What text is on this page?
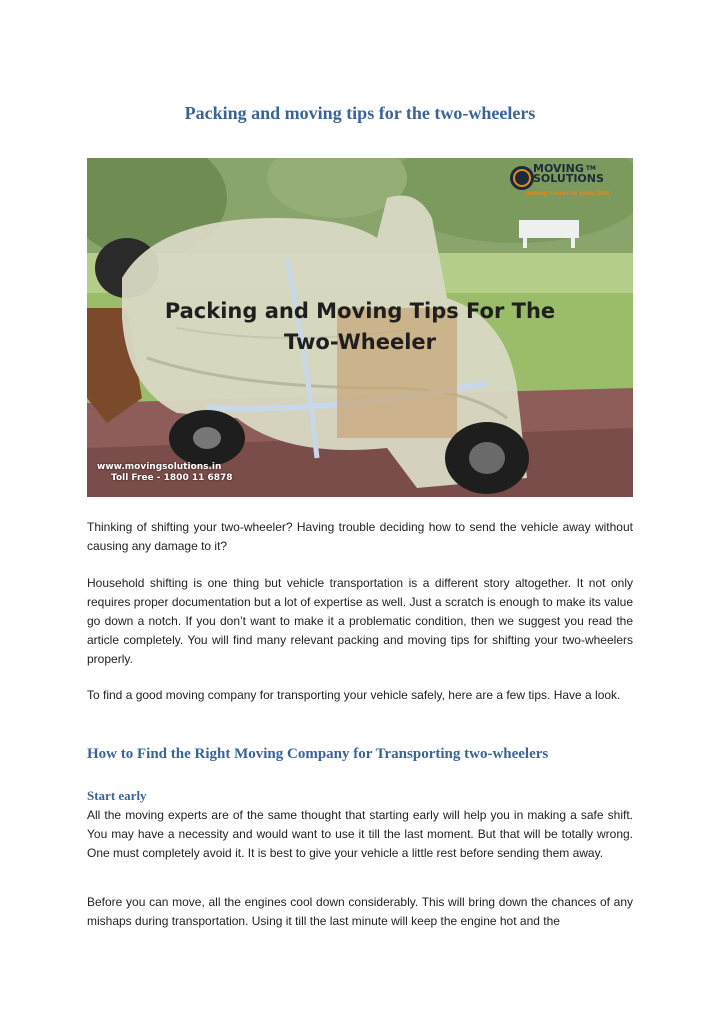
Packing and moving tips for the two-wheelers
MOVING ™
SOLUTIONS
moving memories since 2006
Packing and Moving Tips For The
Two-Wheeler
www.movingsolutions.in
Toll Free - 1800 11 6878

Thinking of shifting your two-wheeler? Having trouble deciding how to send the vehicle away without causing any damage to it?

Household shifting is one thing but vehicle transportation is a different story altogether. It not only requires proper documentation but a lot of expertise as well. Just a scratch is enough to make its value go down a notch. If you don’t want to make it a problematic condition, then we suggest you read the article completely. You will find many relevant packing and moving tips for shifting your two-wheelers properly.

To find a good moving company for transporting your vehicle safely, here are a few tips. Have a look.

How to Find the Right Moving Company for Transporting two-wheelers
Start early

All the moving experts are of the same thought that starting early will help you in making a safe shift. You may have a necessity and would want to use it till the last moment. But that will be totally wrong. One must completely avoid it. It is best to give your vehicle a little rest before sending them away.

Before you can move, all the engines cool down considerably. This will bring down the chances of any mishaps during transportation. Using it till the last minute will keep the engine hot and the
